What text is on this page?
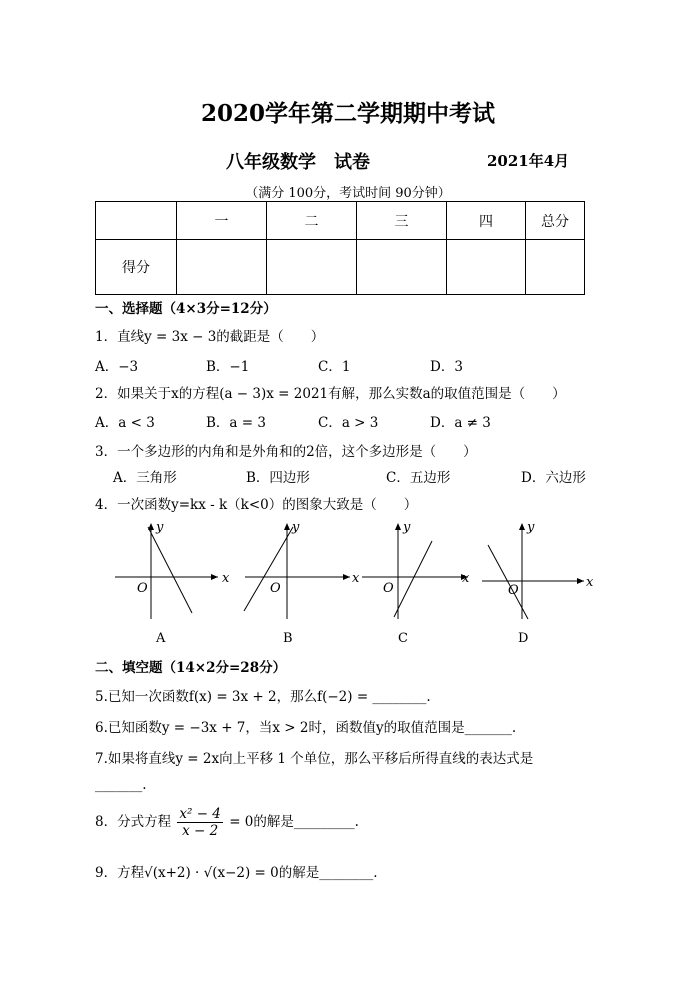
2020学年第二学期期中考试
八年级数学　试卷	2021年4月
（满分 100分，考试时间 90分钟）
	一	二	三	四	总分
得分					
一、选择题（4×3分=12分）
1．直线y = 3x − 3的截距是（　　）
A．−3	B．−1	C．1	D．3
2．如果关于x的方程(a − 3)x = 2021有解，那么实数a的取值范围是（　　）
A．a < 3	B．a = 3	C．a > 3	D．a ≠ 3
3．一个多边形的内角和是外角和的2倍，这个多边形是（　　）
A．三角形	B．四边形	C．五边形	D．六边形
4．一次函数y=kx - k（k<0）的图象大致是（　　）
x
y
O
A
x
y
O
B
x
y
O
C
x
y
O
D
二、填空题（14×2分=28分）
5.已知一次函数f(x) = 3x + 2，那么f(−2) = ________.
6.已知函数y = −3x + 7，当x > 2时，函数值y的取值范围是_______.
7.如果将直线y = 2x向上平移 1 个单位，那么平移后所得直线的表达式是
_______.
8．分式方程 $\frac{\text{x² − 4}}{x - 2} = 0$的解是_________.
9．方程√(x+2) · √(x−2) = 0的解是________.
